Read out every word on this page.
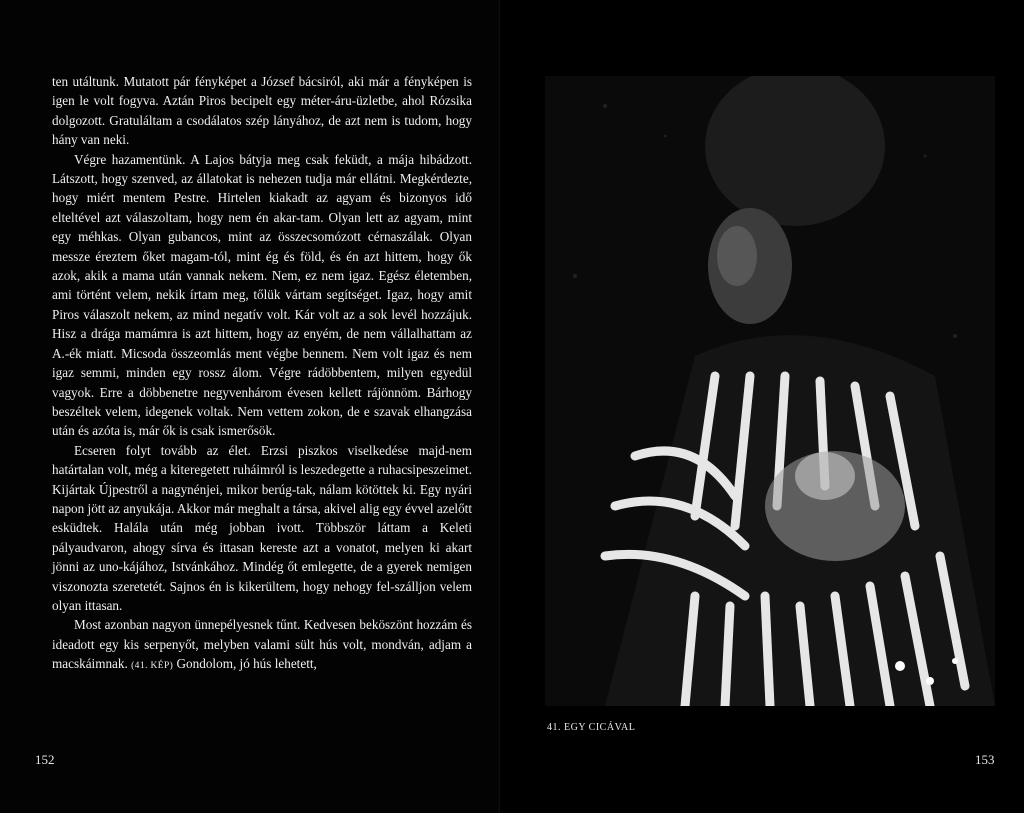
ten utáltunk. Mutatott pár fényképet a József bácsiról, aki már a fényképen is igen le volt fogyva. Aztán Piros becipelt egy méter-áru-üzletbe, ahol Rózsika dolgozott. Gratuláltam a csodálatos szép lányához, de azt nem is tudom, hogy hány van neki.

Végre hazamentünk. A Lajos bátyja meg csak feküdt, a mája hibádzott. Látszott, hogy szenved, az állatokat is nehezen tudja már ellátni. Megkérdezte, hogy miért mentem Pestre. Hirtelen kiakadt az agyam és bizonyos idő elteltével azt válaszoltam, hogy nem én akar-tam. Olyan lett az agyam, mint egy méhkas. Olyan gubancos, mint az összecsomózott cérnaszálak. Olyan messze éreztem őket magam-tól, mint ég és föld, és én azt hittem, hogy ők azok, akik a mama után vannak nekem. Nem, ez nem igaz. Egész életemben, ami történt velem, nekik írtam meg, tőlük vártam segítséget. Igaz, hogy amit Piros válaszolt nekem, az mind negatív volt. Kár volt az a sok levél hozzájuk. Hisz a drága mamámra is azt hittem, hogy az enyém, de nem vállalhattam az A.-ék miatt. Micsoda összeomlás ment végbe bennem. Nem volt igaz és nem igaz semmi, minden egy rossz álom. Végre rádöbbentem, milyen egyedül vagyok. Erre a döbbenetre negyvenhárom évesen kellett rájönnöm. Bárhogy beszéltek velem, idegenek voltak. Nem vettem zokon, de e szavak elhangzása után és azóta is, már ők is csak ismerősök.

Ecseren folyt tovább az élet. Erzsi piszkos viselkedése majd-nem határtalan volt, még a kiteregetett ruháimról is leszedegette a ruhacsipeszeimet. Kijártak Újpestről a nagynénjei, mikor berúg-tak, nálam kötöttek ki. Egy nyári napon jött az anyukája. Akkor már meghalt a társa, akivel alig egy évvel azelőtt esküdtek. Halála után még jobban ivott. Többször láttam a Keleti pályaudvaron, ahogy sírva és ittasan kereste azt a vonatot, melyen ki akart jönni az uno-kájához, Istvánkához. Mindég őt emlegette, de a gyerek nemigen viszonozta szeretetét. Sajnos én is kikerültem, hogy nehogy fel-szálljon velem olyan ittasan.

Most azonban nagyon ünnepélyesnek tűnt. Kedvesen beköszönt hozzám és ideadott egy kis serpenyőt, melyben valami sült hús volt, mondván, adjam a macskáimnak. (41. KÉP) Gondolom, jó hús lehetett,

152
41. EGY CICÁVAL
153
